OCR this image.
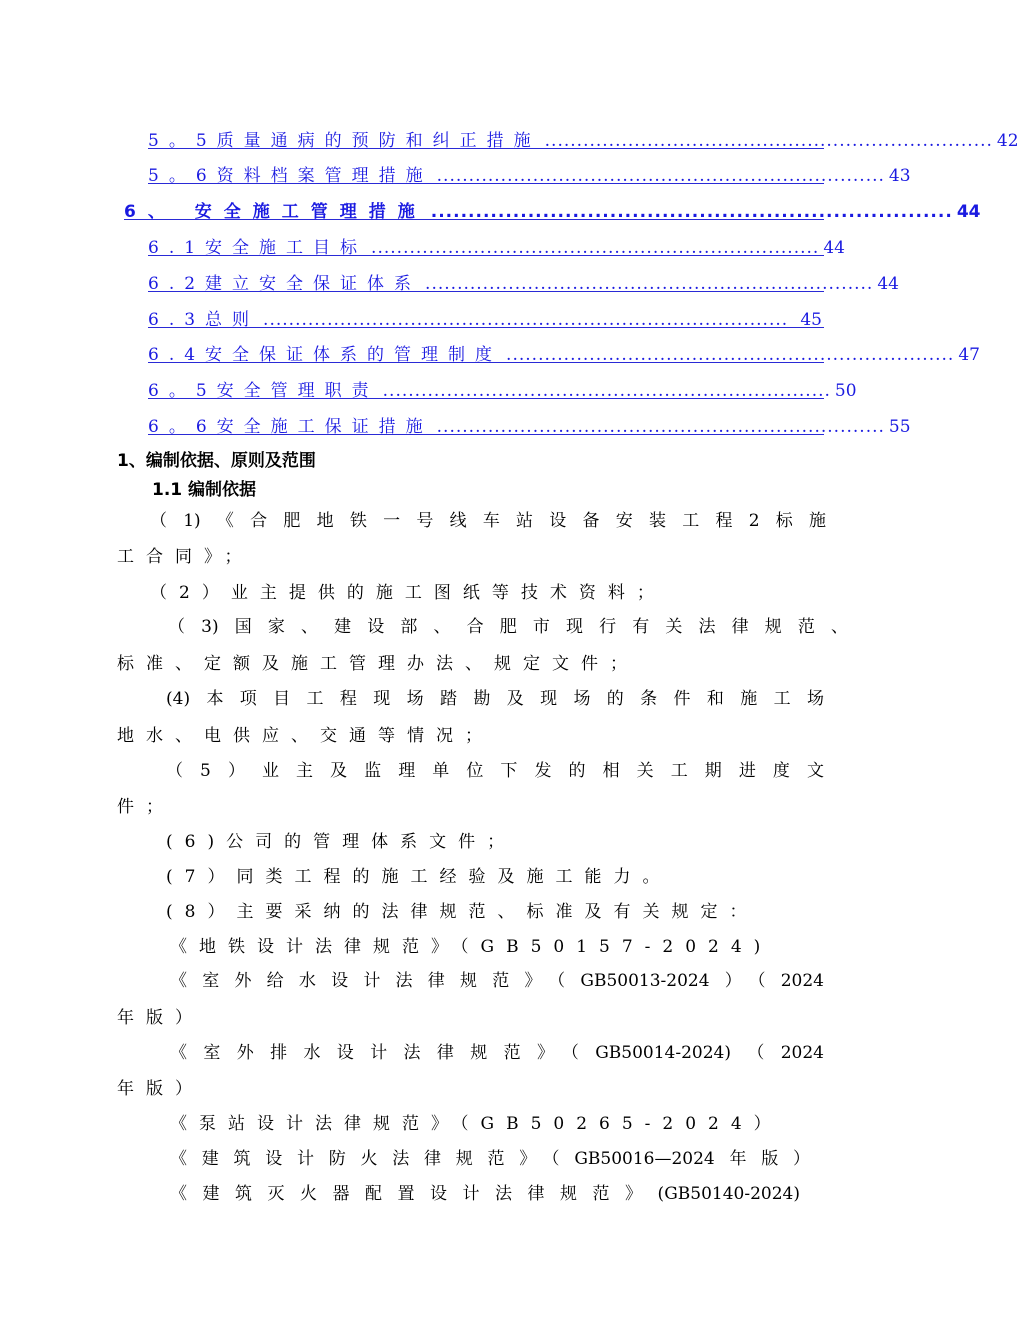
5。5质量通病的预防和纠正措施 ...................................................................... 42
5。6资料档案管理措施 ...................................................................... 43
6、 安全施工管理措施 ...................................................................... 44
6.1安全施工目标 ...................................................................... 44
6.2建立安全保证体系 ...................................................................... 44
6.3总则 .................................................................................. 45
6.4安全保证体系的管理制度 ...................................................................... 47
6。5安全管理职责 ...................................................................... 50
6。6安全施工保证措施 ...................................................................... 55
1、编制依据、原则及范围
1.1 编制依据
（1)《合肥地铁一号线车站设备安装工程2标施
工合同》；
（2）业主提供的施工图纸等技术资料；
（3)国家、建设部、合肥市现行有关法律规范、
标准、定额及施工管理办法、规定文件；
(4)本项目工程现场踏勘及现场的条件和施工场
地水、电供应、交通等情况；
（5）业主及监理单位下发的相关工期进度文
件；
(6)公司的管理体系文件；
(7）同类工程的施工经验及施工能力。
(8）主要采纳的法律规范、标准及有关规定：
《地铁设计法律规范》（GB50157-2024)
《室外给水设计法律规范》（GB50013-2024）（2024
年版）
《室外排水设计法律规范》（GB50014-2024)（2024
年版）
《泵站设计法律规范》（GB50265-2024）
《建筑设计防火法律规范》（GB50016—2024年版）
《建筑灭火器配置设计法律规范》(GB50140-2024)
